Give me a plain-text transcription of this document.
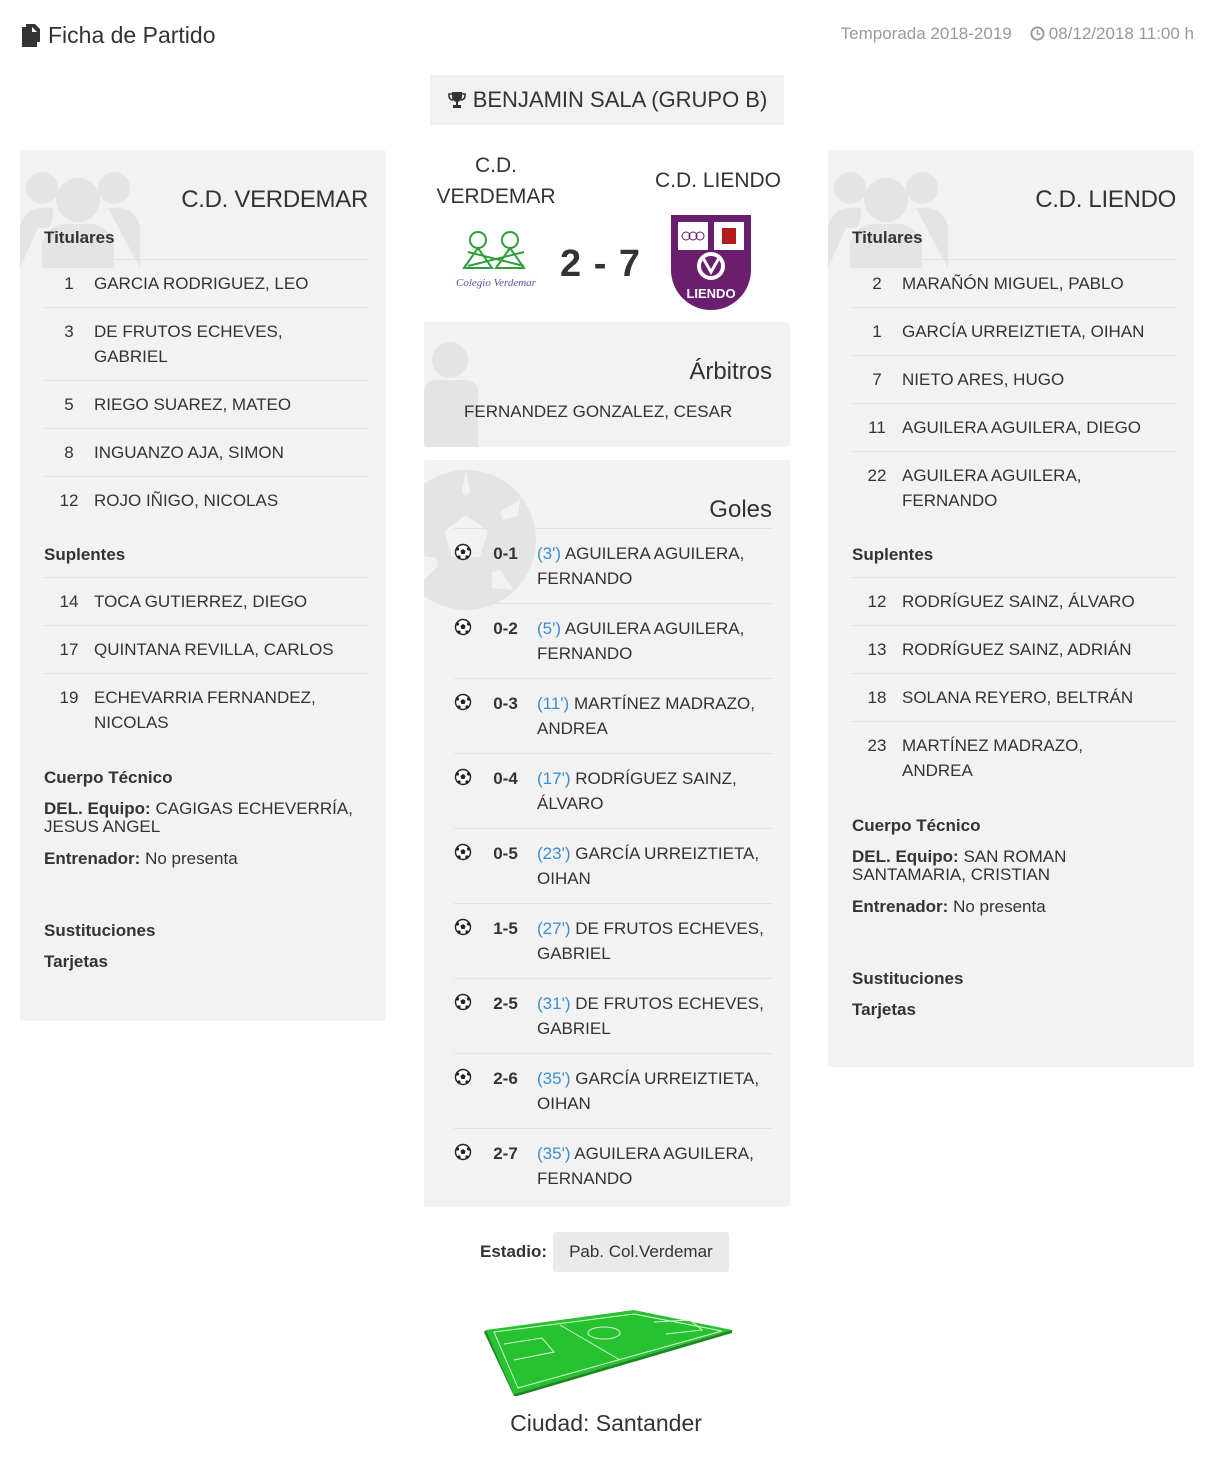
Ficha de Partido	Temporada 2018-2019	08/12/2018 11:00 h
BENJAMIN SALA (GRUPO B)
C.D. VERDEMAR
Titulares
1	GARCIA RODRIGUEZ, LEO
3	DE FRUTOS ECHEVES, GABRIEL
5	RIEGO SUAREZ, MATEO
8	INGUANZO AJA, SIMON
12 ROJO IÑIGO, NICOLAS
Suplentes
14 TOCA GUTIERREZ, DIEGO
17 QUINTANA REVILLA, CARLOS
19 ECHEVARRIA FERNANDEZ, NICOLAS
Cuerpo Técnico
DEL. Equipo: CAGIGAS ECHEVERRÍA, JESUS ANGEL
Entrenador: No presenta
Sustituciones
Tarjetas
C.D. LIENDO
Titulares
2	MARAÑÓN MIGUEL, PABLO
1	GARCÍA URREIZTIETA, OIHAN
7	NIETO ARES, HUGO
11 AGUILERA AGUILERA, DIEGO
22 AGUILERA AGUILERA, FERNANDO
Suplentes
12 RODRÍGUEZ SAINZ, ÁLVARO
13 RODRÍGUEZ SAINZ, ADRIÁN
18 SOLANA REYERO, BELTRÁN
23 MARTÍNEZ MADRAZO, ANDREA
Cuerpo Técnico
DEL. Equipo: SAN ROMAN SANTAMARIA, CRISTIAN
Entrenador: No presenta
Sustituciones
Tarjetas
C.D.
VERDEMAR
C.D. LIENDO
Colegio Verdemar 2 - 7
LIENDO
Árbitros
FERNANDEZ GONZALEZ, CESAR
Goles
0-1	(3') AGUILERA AGUILERA, FERNANDO
0-2	(5') AGUILERA AGUILERA, FERNANDO
0-3	(11') MARTÍNEZ MADRAZO, ANDREA
0-4	(17') RODRÍGUEZ SAINZ, ÁLVARO
0-5	(23') GARCÍA URREIZTIETA, OIHAN
1-5	(27') DE FRUTOS ECHEVES, GABRIEL
2-5	(31') DE FRUTOS ECHEVES, GABRIEL
2-6	(35') GARCÍA URREIZTIETA, OIHAN
2-7	(35') AGUILERA AGUILERA, FERNANDO
Estadio:	Pab. Col.Verdemar
Ciudad: Santander
